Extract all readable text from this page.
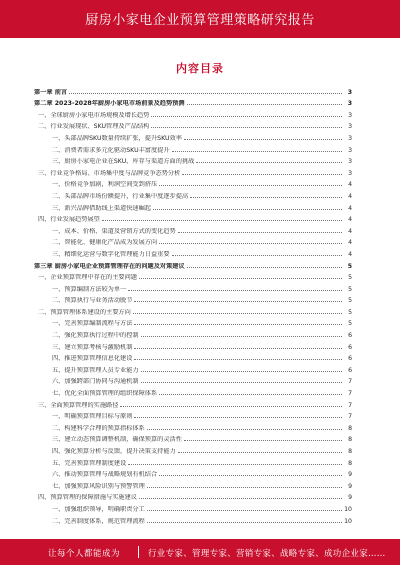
厨房小家电企业预算管理策略研究报告
内容目录
第一章 前言	3
第二章 2023-2028年厨房小家电市场前景及趋势预测	3
一、全球厨房小家电市场规模及增长趋势	3
二、行业发展现状、SKU管理及产品结构	3
一、头部品牌SKU数量持续扩张，提升SKU效率	3
二、消费者需求多元化驱动SKU丰富度提升	3
三、厨房小家电企业在SKU、库存与渠道方面的挑战	3
三、行业竞争格局、市场集中度与品牌竞争态势分析	3
一、价格竞争加剧，利润空间受到挤压	4
二、头部品牌市场份额提升，行业集中度逐步提高	4
三、新兴品牌借助线上渠道快速崛起	4
四、行业发展趋势展望	4
一、成本、价格、渠道及营销方式的变化趋势	4
二、智能化、健康化产品成为发展方向	4
三、精细化运营与数字化管理能力日益重要	4
第三章 厨房小家电企业预算管理存在的问题及对策建议	5
一、企业预算管理中存在的主要问题	5
一、预算编制方法较为单一	5
二、预算执行与业务活动脱节	5
二、预算管理体系建设的主要方向	5
一、完善预算编制流程与方法	5
二、强化预算执行过程中的控制	6
三、建立预算考核与激励机制	6
四、推进预算管理信息化建设	6
五、提升预算管理人员专业能力	6
六、加强跨部门协同与沟通机制	7
七、优化全面预算管理的组织保障体系	7
三、全面预算管理的实施路径	7
一、明确预算管理目标与原则	7
二、构建科学合理的预算指标体系	8
三、建立动态预算调整机制，确保预算的灵活性	8
四、强化预算分析与反馈，提升决策支持能力	8
五、完善预算管理制度建设	8
六、推动预算管理与战略规划有机结合	9
七、加强预算风险识别与预警管理	9
四、预算管理的保障措施与实施建议	9
一、加强组织领导，明确职责分工	10
二、完善制度体系，规范管理流程	10
让每个人都能成为	行业专家、管理专家、营销专家、战略专家、成功企业家……
